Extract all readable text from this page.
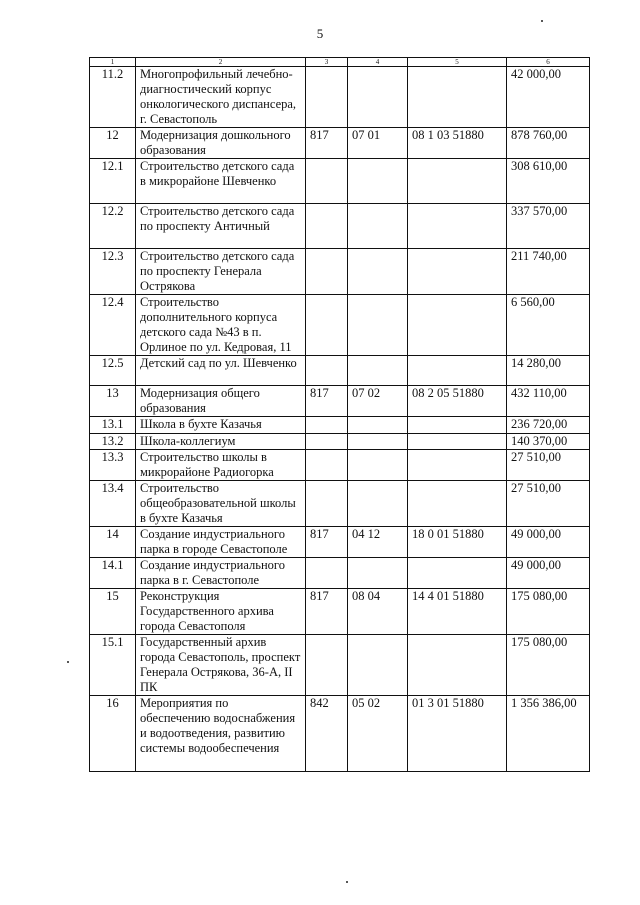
5
1	2	3	4	5	6
11.2	Многопрофильный лечебно-диагностический корпус онкологического диспансера, г. Севастополь				42 000,00
12	Модернизация дошкольного образования	817	07 01	08 1 03 51880	878 760,00
12.1	Строительство детского сада в микрорайоне Шевченко				308 610,00
12.2	Строительство детского сада по проспекту Античный				337 570,00
12.3	Строительство детского сада по проспекту Генерала Острякова				211 740,00
12.4	Строительство дополнительного корпуса детского сада №43 в п. Орлиное по ул. Кедровая, 11				6 560,00
12.5	Детский сад по ул. Шевченко				14 280,00
13	Модернизация общего образования	817	07 02	08 2 05 51880	432 110,00
13.1	Школа в бухте Казачья				236 720,00
13.2	Школа-коллегиум				140 370,00
13.3	Строительство школы в микрорайоне Радиогорка				27 510,00
13.4	Строительство общеобразовательной школы в бухте Казачья				27 510,00
14	Создание индустриального парка в городе Севастополе	817	04 12	18 0 01 51880	49 000,00
14.1	Создание индустриального парка в г. Севастополе				49 000,00
15	Реконструкция Государственного архива города Севастополя	817	08 04	14 4 01 51880	175 080,00
15.1	Государственный архив города Севастополь, проспект Генерала Острякова, 36-А, II ПК				175 080,00
16	Мероприятия по обеспечению водоснабжения и водоотведения, развитию системы водообеспечения	842	05 02	01 3 01 51880	1 356 386,00
